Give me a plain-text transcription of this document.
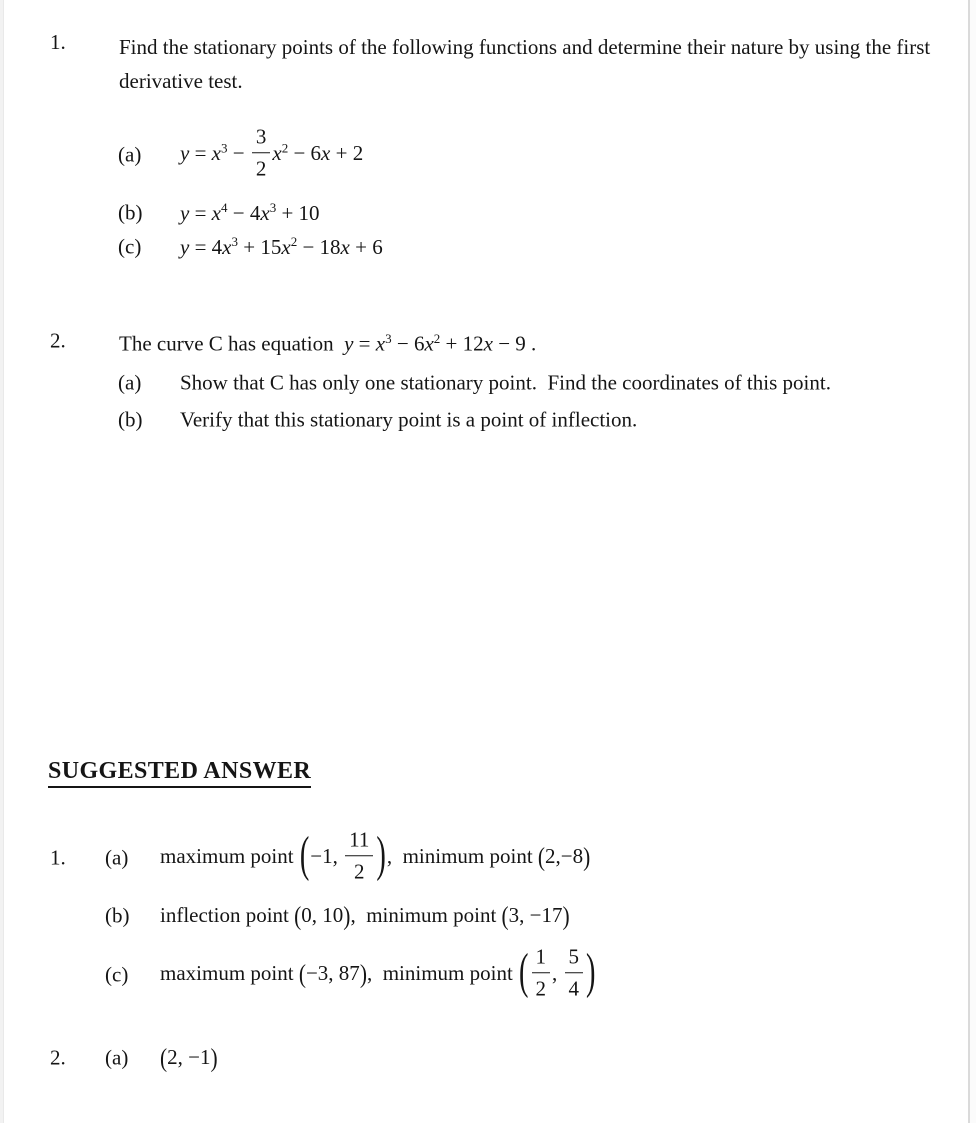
1.	Find the stationary points of the following functions and determine their nature by using the first derivative test.
(a) $y = x^3 - \frac{3}{2} x^2 - 6x + 2$
(b) $y = x^4 - 4x^3 + 10$
(c) $y = 4x^3 + 15x^2 - 18x + 6$
2.	The curve C has equation  $y = x^3 - 6x^2 + 12x - 9$ .
(a) Show that C has only one stationary point.  Find the coordinates of this point.
(b) Verify that this stationary point is a point of inflection.
SUGGESTED ANSWER
1. (a) maximum point (−1, $\frac{11}{2}$ ),  minimum point (2,−8)
(b) inflection point (0, 10),  minimum point (3, −17)
(c) maximum point (−3, 87),  minimum point ( $\frac{1}{2}$ , $\frac{5}{4}$ )
2. (a) (2, −1)
